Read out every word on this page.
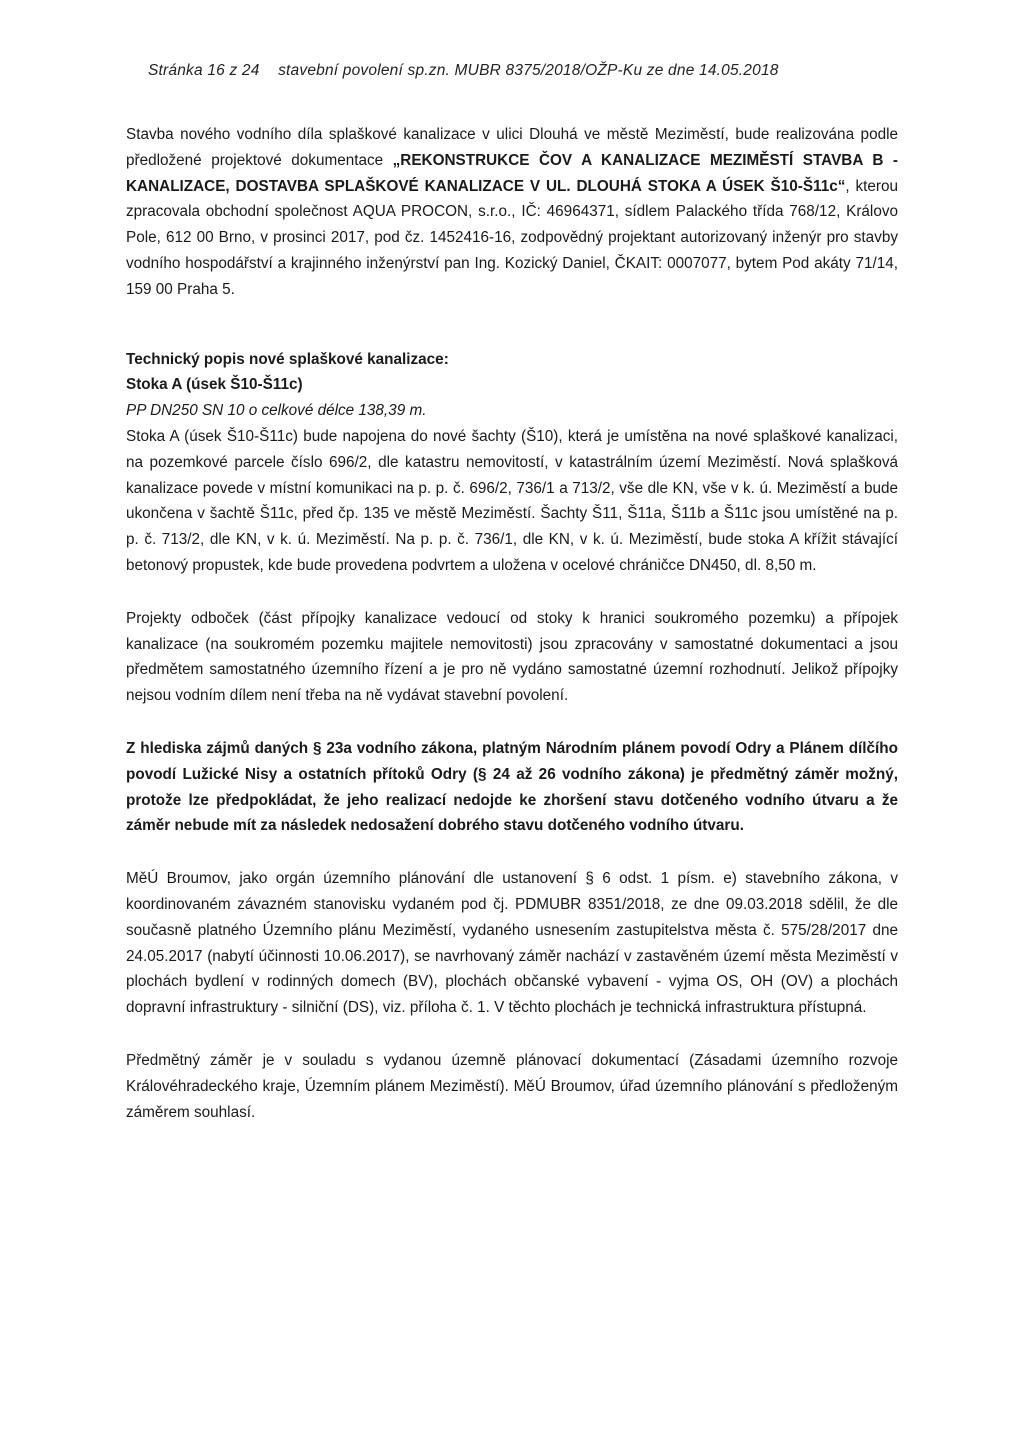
Stránka 16 z 24 stavební povolení sp.zn. MUBR 8375/2018/OŽP-Ku ze dne 14.05.2018

Stavba nového vodního díla splaškové kanalizace v ulici Dlouhá ve městě Meziměstí, bude realizována podle předložené projektové dokumentace „REKONSTRUKCE ČOV A KANALIZACE MEZIMĚSTÍ STAVBA B - KANALIZACE, DOSTAVBA SPLAŠKOVÉ KANALIZACE V UL. DLOUHÁ STOKA A ÚSEK Š10-Š11c“, kterou zpracovala obchodní společnost AQUA PROCON, s.r.o., IČ: 46964371, sídlem Palackého třída 768/12, Královo Pole, 612 00 Brno, v prosinci 2017, pod čz. 1452416-16, zodpovědný projektant autorizovaný inženýr pro stavby vodního hospodářství a krajinného inženýrství pan Ing. Kozický Daniel, ČKAIT: 0007077, bytem Pod akáty 71/14, 159 00 Praha 5.

Technický popis nové splaškové kanalizace:

Stoka A (úsek Š10-Š11c)

PP DN250 SN 10 o celkové délce 138,39 m.

Stoka A (úsek Š10-Š11c) bude napojena do nové šachty (Š10), která je umístěna na nové splaškové kanalizaci, na pozemkové parcele číslo 696/2, dle katastru nemovitostí, v katastrálním území Meziměstí. Nová splašková kanalizace povede v místní komunikaci na p. p. č. 696/2, 736/1 a 713/2, vše dle KN, vše v k. ú. Meziměstí a bude ukončena v šachtě Š11c, před čp. 135 ve městě Meziměstí. Šachty Š11, Š11a, Š11b a Š11c jsou umístěné na p. p. č. 713/2, dle KN, v k. ú. Meziměstí. Na p. p. č. 736/1, dle KN, v k. ú. Meziměstí, bude stoka A křížit stávající betonový propustek, kde bude provedena podvrtem a uložena v ocelové chráničce DN450, dl. 8,50 m.

Projekty odboček (část přípojky kanalizace vedoucí od stoky k hranici soukromého pozemku) a přípojek kanalizace (na soukromém pozemku majitele nemovitosti) jsou zpracovány v samostatné dokumentaci a jsou předmětem samostatného územního řízení a je pro ně vydáno samostatné územní rozhodnutí. Jelikož přípojky nejsou vodním dílem není třeba na ně vydávat stavební povolení.

Z hlediska zájmů daných § 23a vodního zákona, platným Národním plánem povodí Odry a Plánem dílčího povodí Lužické Nisy a ostatních přítoků Odry (§ 24 až 26 vodního zákona) je předmětný záměr možný, protože lze předpokládat, že jeho realizací nedojde ke zhoršení stavu dotčeného vodního útvaru a že záměr nebude mít za následek nedosažení dobrého stavu dotčeného vodního útvaru.

MěÚ Broumov, jako orgán územního plánování dle ustanovení § 6 odst. 1 písm. e) stavebního zákona, v koordinovaném závazném stanovisku vydaném pod čj. PDMUBR 8351/2018, ze dne 09.03.2018 sdělil, že dle současně platného Územního plánu Meziměstí, vydaného usnesením zastupitelstva města č. 575/28/2017 dne 24.05.2017 (nabytí účinnosti 10.06.2017), se navrhovaný záměr nachází v zastavěném území města Meziměstí v plochách bydlení v rodinných domech (BV), plochách občanské vybavení - vyjma OS, OH (OV) a plochách dopravní infrastruktury - silniční (DS), viz. příloha č. 1. V těchto plochách je technická infrastruktura přístupná.

Předmětný záměr je v souladu s vydanou územně plánovací dokumentací (Zásadami územního rozvoje Královéhradeckého kraje, Územním plánem Meziměstí). MěÚ Broumov, úřad územního plánování s předloženým záměrem souhlasí.
